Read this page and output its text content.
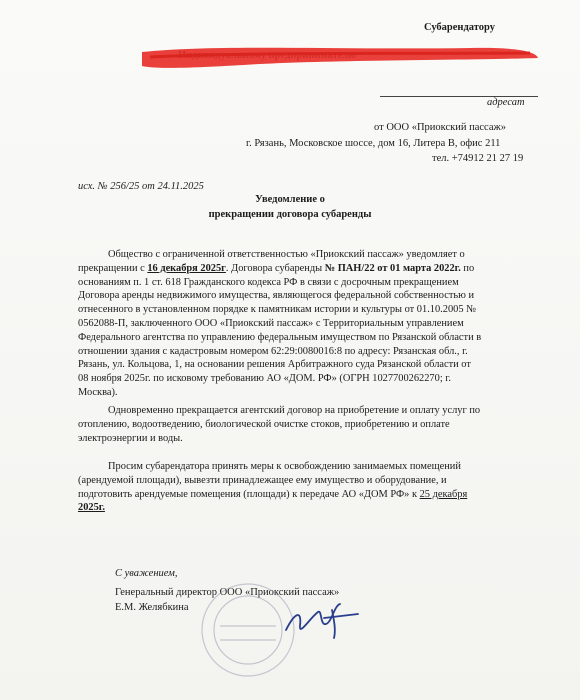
Субарендатору
адресат
от ООО «Приокский пассаж»
г. Рязань, Московское шоссе, дом 16, Литера В, офис 211
тел. +74912 21 27 19
исх. № 256/25 от 24.11.2025
Уведомление о
прекращении договора субаренды
Общество с ограниченной ответственностью «Приокский пассаж» уведомляет о
прекращении с 16 декабря 2025г. Договора субаренды № ПАН/22 от 01 марта 2022г. по
основаниям п. 1 ст. 618 Гражданского кодекса РФ в связи с досрочным прекращением
Договора аренды недвижимого имущества, являющегося федеральной собственностью и
отнесенного в установленном порядке к памятникам истории и культуры от 01.10.2005 №
0562088-П, заключенного ООО «Приокский пассаж» с Территориальным управлением
Федерального агентства по управлению федеральным имуществом по Рязанской области в
отношении здания с кадастровым номером 62:29:0080016:8 по адресу: Рязанская обл., г.
Рязань, ул. Кольцова, 1, на основании решения Арбитражного суда Рязанской области от
08 ноября 2025г. по исковому требованию АО «ДОМ. РФ» (ОГРН 1027700262270; г.
Москва).
Одновременно прекращается агентский договор на приобретение и оплату услуг по
отоплению, водоотведению, биологической очистке стоков, приобретению и оплате
электроэнергии и воды.
Просим субарендатора принять меры к освобождению занимаемых помещений
(арендуемой площади), вывезти принадлежащее ему имущество и оборудование, и
подготовить арендуемые помещения (площади) к передаче АО «ДОМ РФ» к 25 декабря
2025г.
С уважением,
Генеральный директор ООО «Приокский пассаж»
Е.М. Желябкина
